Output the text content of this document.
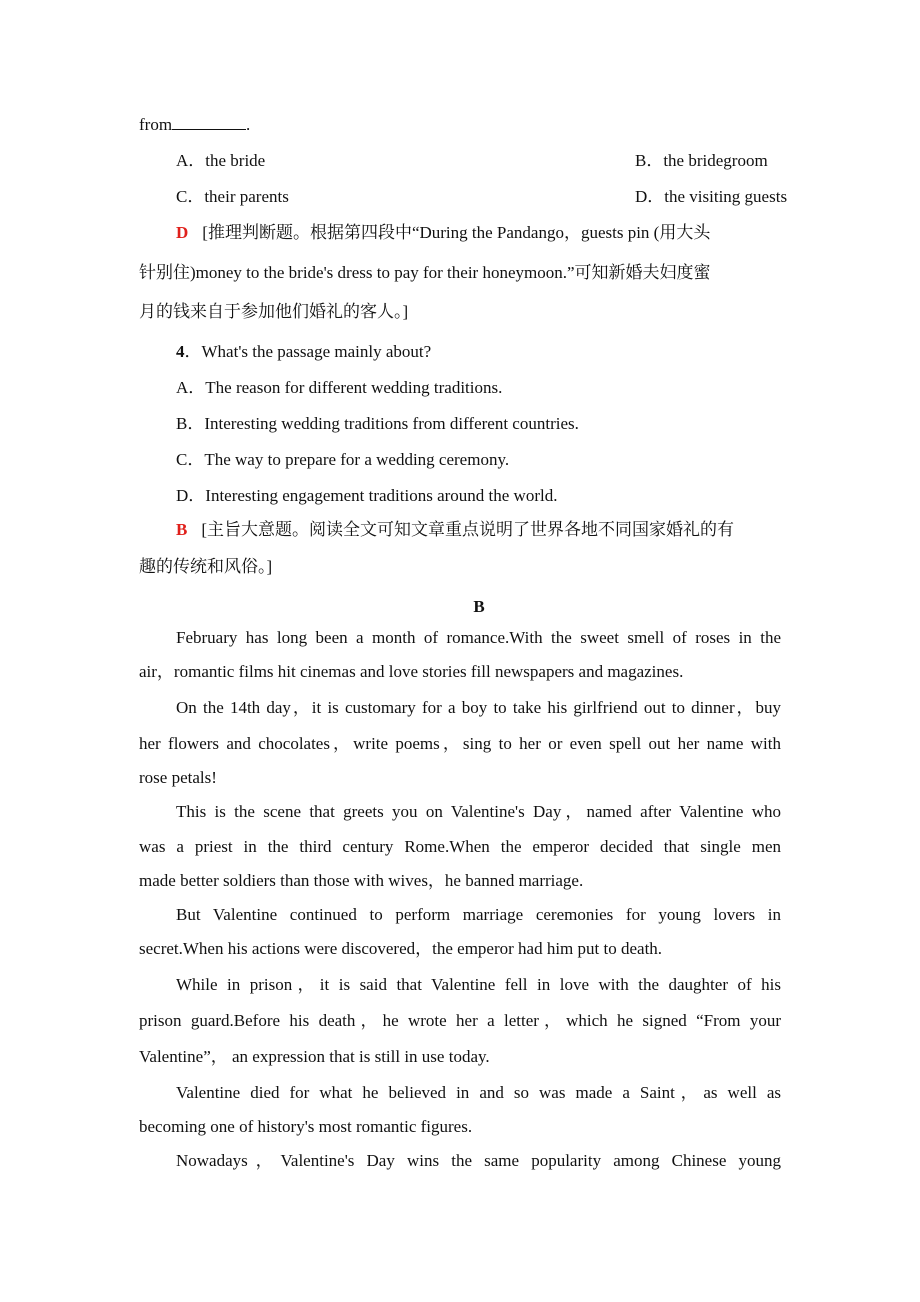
from	.
A．the bride	B．the bridegroom
C．their parents	D．the visiting guests
D [推理判断题。根据第四段中“During the Pandango，guests pin (用大头
针别住)money to the bride's dress to pay for their honeymoon.”可知新婚夫妇度蜜
月的钱来自于参加他们婚礼的客人。]
4．What's the passage mainly about?
A．The reason for different wedding traditions.
B．Interesting wedding traditions from different countries.
C．The way to prepare for a wedding ceremony.
D．Interesting engagement traditions around the world.
B [主旨大意题。阅读全文可知文章重点说明了世界各地不同国家婚礼的有
趣的传统和风俗。]
B
February has long been a month of romance.With the sweet smell of roses in the
air，romantic films hit cinemas and love stories fill newspapers and magazines.
On the 14th day，it is customary for a boy to take his girlfriend out to dinner，buy
her flowers and chocolates，write poems，sing to her or even spell out her name with
rose petals!
This is the scene that greets you on Valentine's Day，named after Valentine who
was a priest in the third century Rome.When the emperor decided that single men
made better soldiers than those with wives，he banned marriage.
But Valentine continued to perform marriage ceremonies for young lovers in
secret.When his actions were discovered，the emperor had him put to death.
While in prison，it is said that Valentine fell in love with the daughter of his
prison guard.Before his death，he wrote her a letter，which he signed “From your
Valentine”， an expression that is still in use today.
Valentine died for what he believed in and so was made a Saint，as well as
becoming one of history's most romantic figures.
Nowadays，Valentine's Day wins the same popularity among Chinese young
